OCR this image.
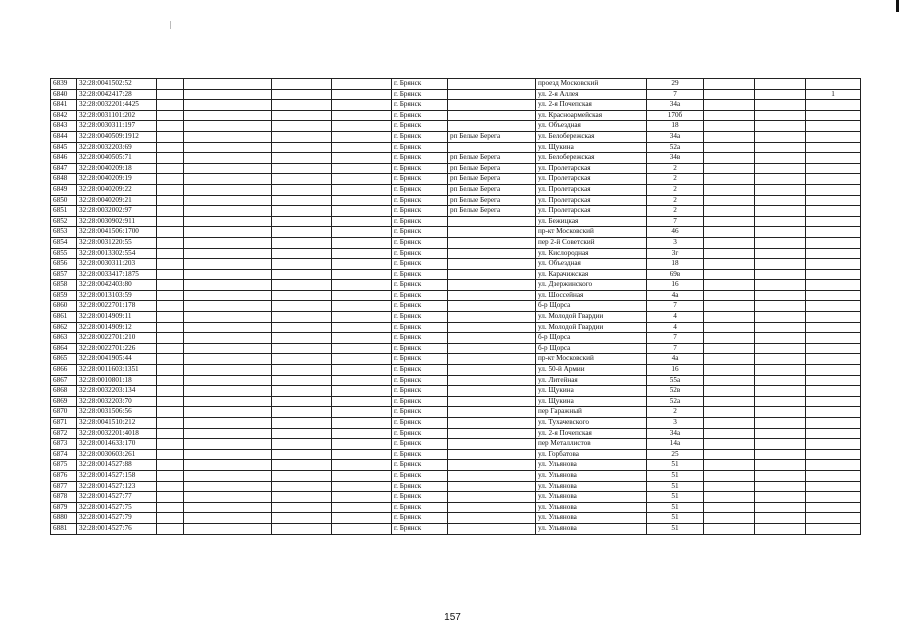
6839	32:28:0041502:52					г. Брянск		проезд Московский	29			
6840	32:28:0042417:28					г. Брянск		ул. 2-я Аллея	7			1
6841	32:28:0032201:4425					г. Брянск		ул. 2-я Почепская	34а			
6842	32:28:0031101:202					г. Брянск		ул. Красноармейская	170б			
6843	32:28:0030311:197					г. Брянск		ул. Объездная	18			
6844	32:28:0040509:1912					г. Брянск	рп Белые Берега	ул. Белобережская	34а			
6845	32:28:0032203:69					г. Брянск		ул. Щукина	52а			
6846	32:28:0040505:71					г. Брянск	рп Белые Берега	ул. Белобережская	34в			
6847	32:28:0040209:18					г. Брянск	рп Белые Берега	ул. Пролетарская	2			
6848	32:28:0040209:19					г. Брянск	рп Белые Берега	ул. Пролетарская	2			
6849	32:28:0040209:22					г. Брянск	рп Белые Берега	ул. Пролетарская	2			
6850	32:28:0040209:21					г. Брянск	рп Белые Берега	ул. Пролетарская	2			
6851	32:28:0032002:97					г. Брянск	рп Белые Берега	ул. Пролетарская	2			
6852	32:28:0030902:911					г. Брянск		ул. Бежицкая	7			
6853	32:28:0041506:1700					г. Брянск		пр-кт Московский	46			
6854	32:28:0031220:55					г. Брянск		пер 2-й Советский	3			
6855	32:28:0013302:554					г. Брянск		ул. Кислородная	3г			
6856	32:28:0030311:203					г. Брянск		ул. Объездная	18			
6857	32:28:0033417:1875					г. Брянск		ул. Карачижская	69в			
6858	32:28:0042403:80					г. Брянск		ул. Дзержинского	16			
6859	32:28:0013103:59					г. Брянск		ул. Шоссейная	4а			
6860	32:28:0022701:178					г. Брянск		б-р Щорса	7			
6861	32:28:0014909:11					г. Брянск		ул. Молодой Гвардии	4			
6862	32:28:0014909:12					г. Брянск		ул. Молодой Гвардии	4			
6863	32:28:0022701:210					г. Брянск		б-р Щорса	7			
6864	32:28:0022701:226					г. Брянск		б-р Щорса	7			
6865	32:28:0041905:44					г. Брянск		пр-кт Московский	4а			
6866	32:28:0011603:1351					г. Брянск		ул. 50-й Армии	16			
6867	32:28:0010801:18					г. Брянск		ул. Литейная	55а			
6868	32:28:0032203:134					г. Брянск		ул. Щукина	52в			
6869	32:28:0032203:70					г. Брянск		ул. Щукина	52а			
6870	32:28:0031506:56					г. Брянск		пер Гаражный	2			
6871	32:28:0041510:212					г. Брянск		ул. Тухачевского	3			
6872	32:28:0032201:4018					г. Брянск		ул. 2-я Почепская	34а			
6873	32:28:0014633:170					г. Брянск		пер Металлистов	14а			
6874	32:28:0030603:261					г. Брянск		ул. Горбатова	25			
6875	32:28:0014527:88					г. Брянск		ул. Ульянова	51			
6876	32:28:0014527:158					г. Брянск		ул. Ульянова	51			
6877	32:28:0014527:123					г. Брянск		ул. Ульянова	51			
6878	32:28:0014527:77					г. Брянск		ул. Ульянова	51			
6879	32:28:0014527:75					г. Брянск		ул. Ульянова	51			
6880	32:28:0014527:79					г. Брянск		ул. Ульянова	51			
6881	32:28:0014527:76					г. Брянск		ул. Ульянова	51			
157
